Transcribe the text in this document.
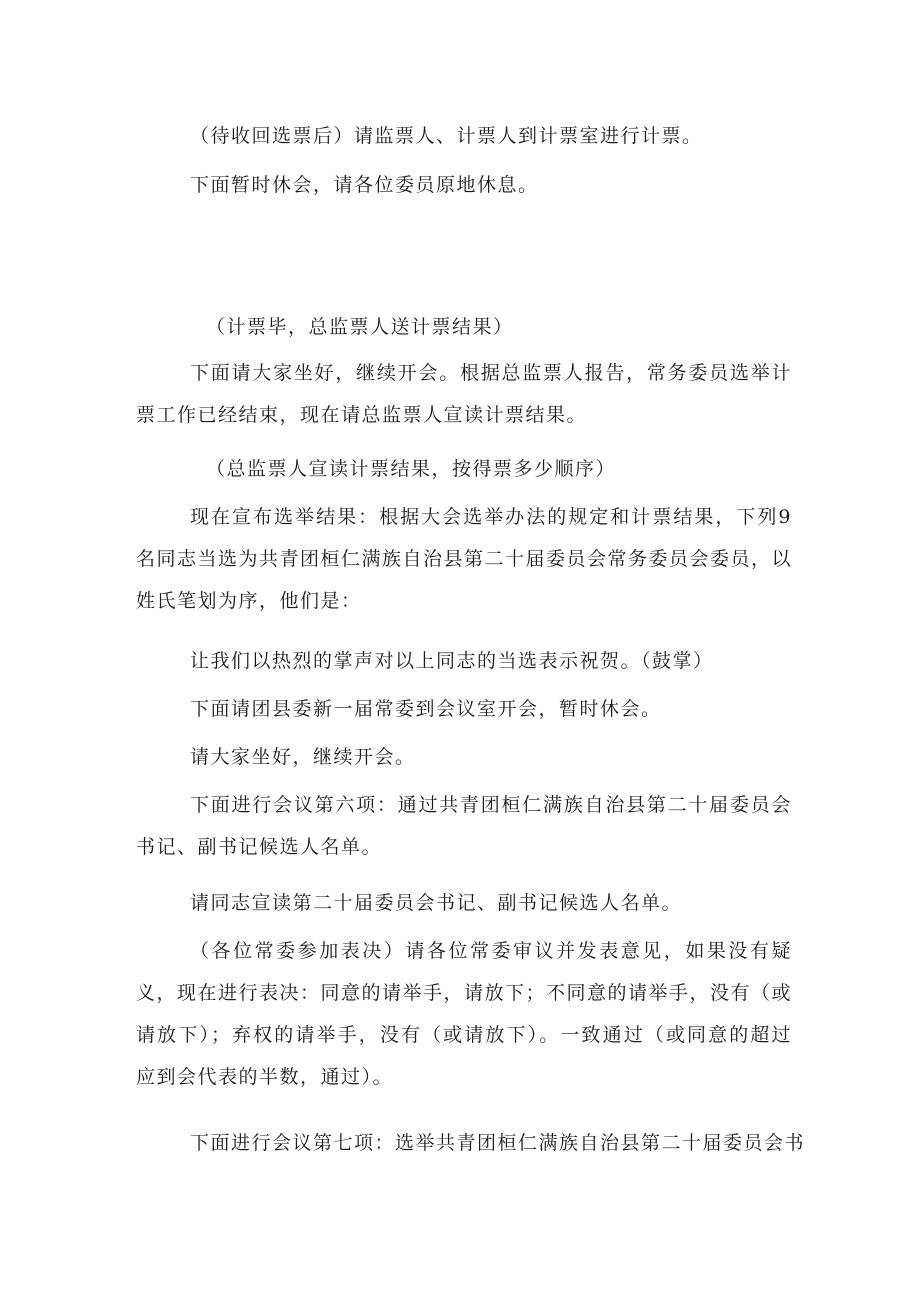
（待收回选票后）请监票人、计票人到计票室进行计票。

下面暂时休会，请各位委员原地休息。

（计票毕，总监票人送计票结果）

下面请大家坐好，继续开会。根据总监票人报告，常务委员选举计票工作已经结束，现在请总监票人宣读计票结果。

（总监票人宣读计票结果，按得票多少顺序）

现在宣布选举结果：根据大会选举办法的规定和计票结果，下列9名同志当选为共青团桓仁满族自治县第二十届委员会常务委员会委员，以姓氏笔划为序，他们是：

让我们以热烈的掌声对以上同志的当选表示祝贺。（鼓掌）

下面请团县委新一届常委到会议室开会，暂时休会。

请大家坐好，继续开会。

下面进行会议第六项：通过共青团桓仁满族自治县第二十届委员会书记、副书记候选人名单。

请同志宣读第二十届委员会书记、副书记候选人名单。

（各位常委参加表决）请各位常委审议并发表意见，如果没有疑义，现在进行表决：同意的请举手，请放下；不同意的请举手，没有（或请放下）；弃权的请举手，没有（或请放下）。一致通过（或同意的超过应到会代表的半数，通过）。

下面进行会议第七项：选举共青团桓仁满族自治县第二十届委员会书
